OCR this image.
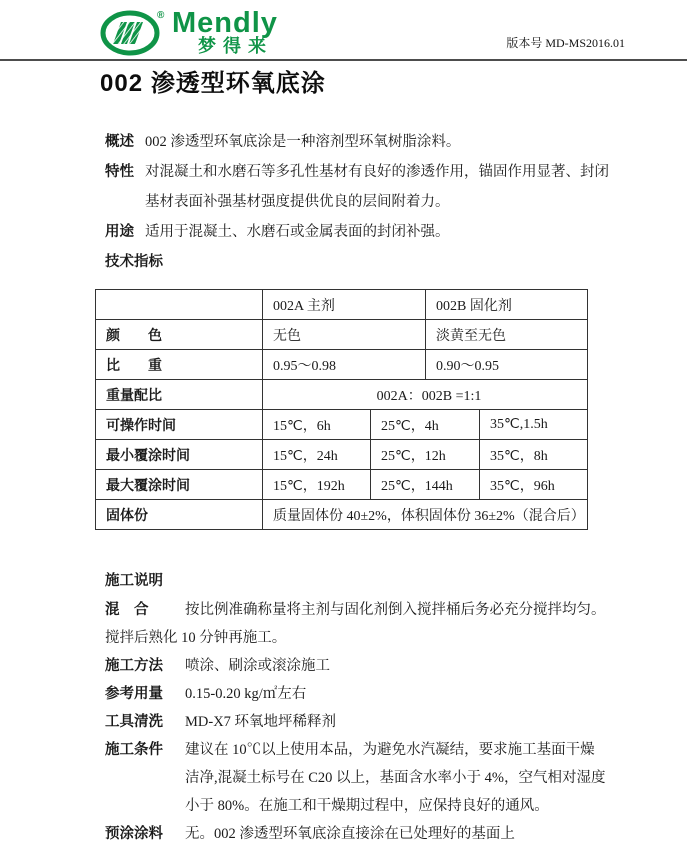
® Mendly
梦得来	版本号 MD-MS2016.01
002 渗透型环氧底涂
概述 002 渗透型环氧底涂是一种溶剂型环氧树脂涂料。
特性 对混凝土和水磨石等多孔性基材有良好的渗透作用，锚固作用显著、封闭
基材表面补强基材强度提供优良的层间附着力。
用途 适用于混凝土、水磨石或金属表面的封闭补强。
技术指标
	002A 主剂		002B 固化剂	
颜　　色	无色		淡黄至无色	
比　　重	0.95～0.98		0.90～0.95	
重量配比	002A：002B =1:1			
可操作时间	15℃，6h	25℃，4h		35℃,1.5h
最小覆涂时间	15℃，24h	25℃，12h		35℃，8h
最大覆涂时间	15℃，192h	25℃，144h		35℃，96h
固体份	质量固体份 40±2%，体积固体份 36±2%（混合后）			
施工说明
混　合	按比例准确称量将主剂与固化剂倒入搅拌桶后务必充分搅拌均匀。
搅拌后熟化 10 分钟再施工。
施工方法	喷涂、刷涂或滚涂施工
参考用量	0.15-0.20 kg/㎡左右
工具清洗	MD-X7 环氧地坪稀释剂
施工条件	建议在 10℃以上使用本品，为避免水汽凝结，要求施工基面干燥
洁净,混凝土标号在 C20 以上，基面含水率小于 4%，空气相对湿度
小于 80%。在施工和干燥期过程中，应保持良好的通风。
预涂涂料	无。002 渗透型环氧底涂直接涂在已处理好的基面上
